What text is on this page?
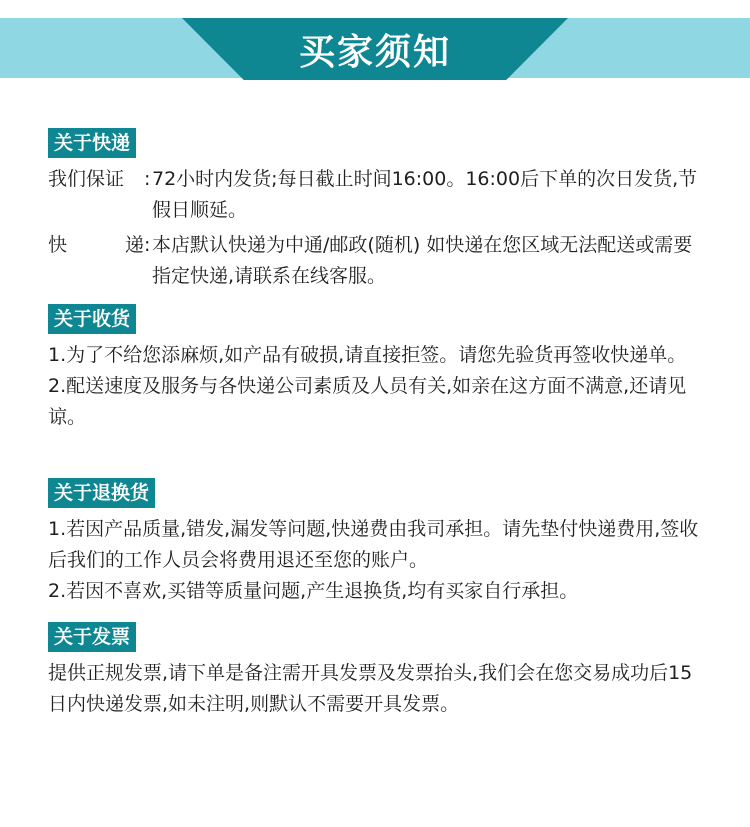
买家须知
关于快递
我们保证 : 72小时内发货;每日截止时间16:00。16:00后下单的次日发货,节假日顺延。
快	递 : 本店默认快递为中通/邮政(随机) 如快递在您区域无法配送或需要指定快递,请联系在线客服。
关于收货
1.为了不给您添麻烦,如产品有破损,请直接拒签。请您先验货再签收快递单。
2.配送速度及服务与各快递公司素质及人员有关,如亲在这方面不满意,还请见谅。
关于退换货
1.若因产品质量,错发,漏发等问题,快递费由我司承担。请先垫付快递费用,签收后我们的工作人员会将费用退还至您的账户。
2.若因不喜欢,买错等质量问题,产生退换货,均有买家自行承担。
关于发票
提供正规发票,请下单是备注需开具发票及发票抬头,我们会在您交易成功后15日内快递发票,如未注明,则默认不需要开具发票。
